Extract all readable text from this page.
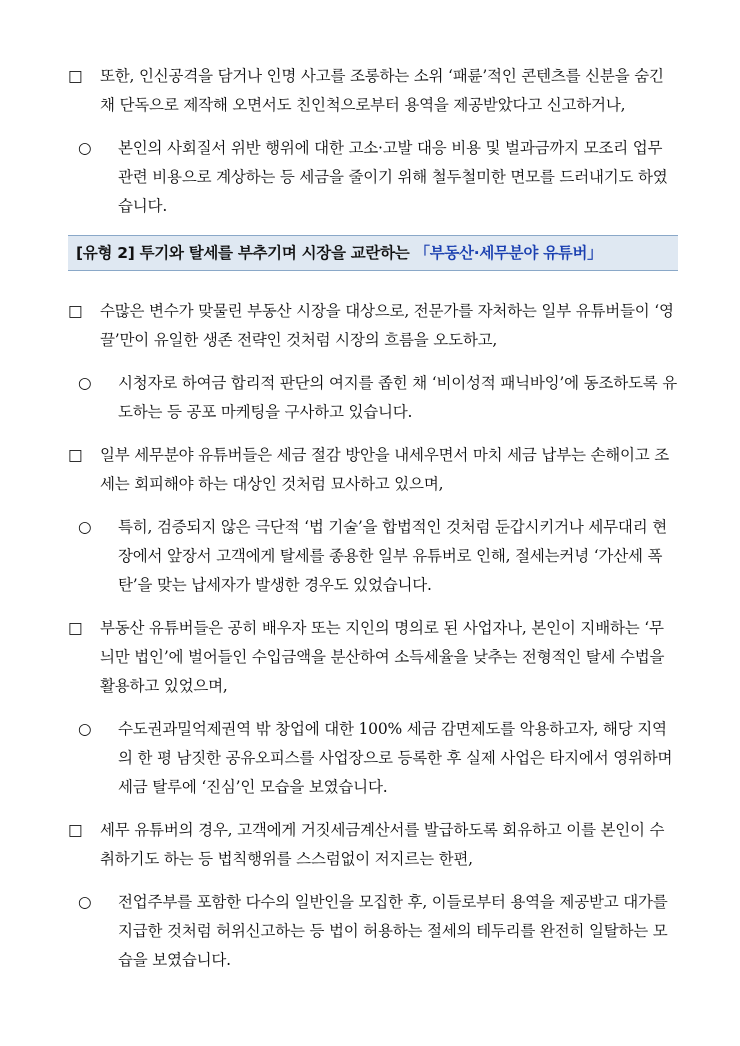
□	또한, 인신공격을 담거나 인명 사고를 조롱하는 소위 ‘패륜’적인 콘텐츠를 신분을 숨긴 채 단독으로 제작해 오면서도 친인척으로부터 용역을 제공받았다고 신고하거나,
○	본인의 사회질서 위반 행위에 대한 고소·고발 대응 비용 및 벌과금까지 모조리 업무 관련 비용으로 계상하는 등 세금을 줄이기 위해 철두철미한 면모를 드러내기도 하였습니다.
[유형 2] 투기와 탈세를 부추기며 시장을 교란하는 「부동산·세무분야 유튜버」
□	수많은 변수가 맞물린 부동산 시장을 대상으로, 전문가를 자처하는 일부 유튜버들이 ‘영끌’만이 유일한 생존 전략인 것처럼 시장의 흐름을 오도하고,
○	시청자로 하여금 합리적 판단의 여지를 좁힌 채 ‘비이성적 패닉바잉’에 동조하도록 유도하는 등 공포 마케팅을 구사하고 있습니다.
□	일부 세무분야 유튜버들은 세금 절감 방안을 내세우면서 마치 세금 납부는 손해이고 조세는 회피해야 하는 대상인 것처럼 묘사하고 있으며,
○	특히, 검증되지 않은 극단적 ‘법 기술’을 합법적인 것처럼 둔갑시키거나 세무대리 현장에서 앞장서 고객에게 탈세를 종용한 일부 유튜버로 인해, 절세는커녕 ‘가산세 폭탄’을 맞는 납세자가 발생한 경우도 있었습니다.
□	부동산 유튜버들은 공히 배우자 또는 지인의 명의로 된 사업자나, 본인이 지배하는 ‘무늬만 법인’에 벌어들인 수입금액을 분산하여 소득세율을 낮추는 전형적인 탈세 수법을 활용하고 있었으며,
○	수도권과밀억제권역 밖 창업에 대한 100% 세금 감면제도를 악용하고자, 해당 지역의 한 평 남짓한 공유오피스를 사업장으로 등록한 후 실제 사업은 타지에서 영위하며 세금 탈루에 ‘진심’인 모습을 보였습니다.
□	세무 유튜버의 경우, 고객에게 거짓세금계산서를 발급하도록 회유하고 이를 본인이 수취하기도 하는 등 법칙행위를 스스럼없이 저지르는 한편,
○	전업주부를 포함한 다수의 일반인을 모집한 후, 이들로부터 용역을 제공받고 대가를 지급한 것처럼 허위신고하는 등 법이 허용하는 절세의 테두리를 완전히 일탈하는 모습을 보였습니다.
